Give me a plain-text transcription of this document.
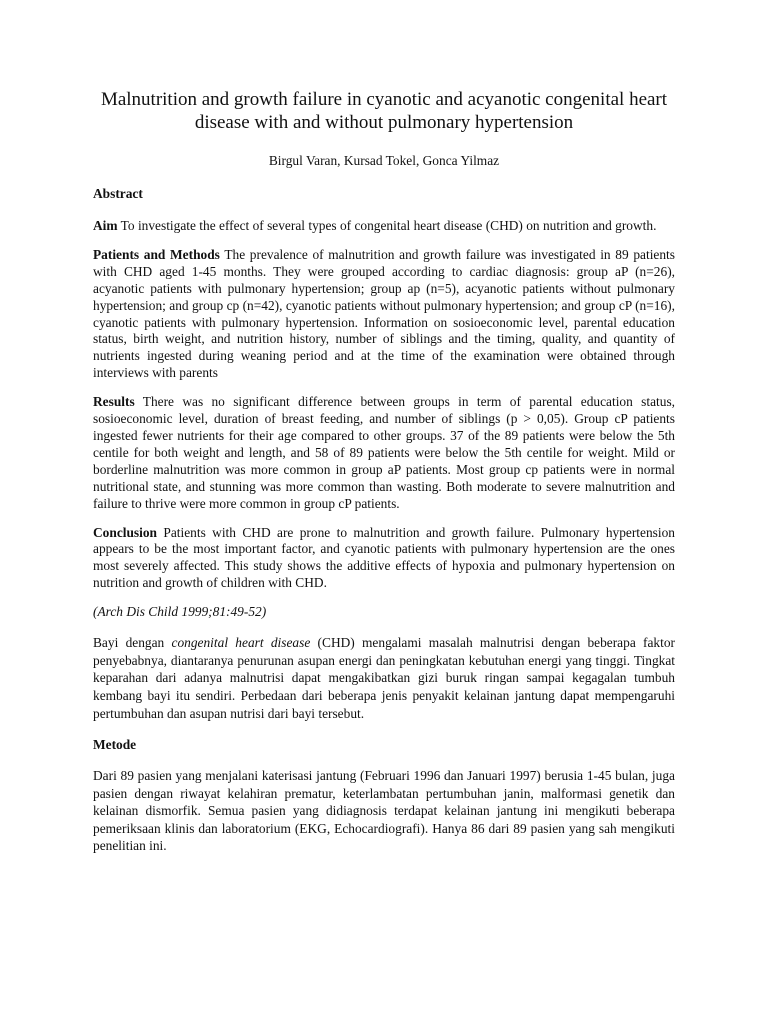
Malnutrition and growth failure in cyanotic and acyanotic congenital heart disease with and without pulmonary hypertension

Birgul Varan, Kursad Tokel, Gonca Yilmaz

Abstract

Aim To investigate the effect of several types of congenital heart disease (CHD) on nutrition and growth.

Patients and Methods The prevalence of malnutrition and growth failure was investigated in 89 patients with CHD aged 1-45 months. They were grouped according to cardiac diagnosis: group aP (n=26), acyanotic patients with pulmonary hypertension; group ap (n=5), acyanotic patients without pulmonary hypertension; and group cp (n=42), cyanotic patients without pulmonary hypertension; and group cP (n=16), cyanotic patients with pulmonary hypertension. Information on sosioeconomic level, parental education status, birth weight, and nutrition history, number of siblings and the timing, quality, and quantity of nutrients ingested during weaning period and at the time of the examination were obtained through interviews with parents

Results There was no significant difference between groups in term of parental education status, sosioeconomic level, duration of breast feeding, and number of siblings (p > 0,05). Group cP patients ingested fewer nutrients for their age compared to other groups. 37 of the 89 patients were below the 5th centile for both weight and length, and 58 of 89 patients were below the 5th centile for weight. Mild or borderline malnutrition was more common in group aP patients. Most group cp patients were in normal nutritional state, and stunning was more common than wasting. Both moderate to severe malnutrition and failure to thrive were more common in group cP patients.

Conclusion Patients with CHD are prone to malnutrition and growth failure. Pulmonary hypertension appears to be the most important factor, and cyanotic patients with pulmonary hypertension are the ones most severely affected. This study shows the additive effects of hypoxia and pulmonary hypertension on nutrition and growth of children with CHD.

(Arch Dis Child 1999;81:49-52)

Bayi dengan congenital heart disease (CHD) mengalami masalah malnutrisi dengan beberapa faktor penyebabnya, diantaranya penurunan asupan energi dan peningkatan kebutuhan energi yang tinggi. Tingkat keparahan dari adanya malnutrisi dapat mengakibatkan gizi buruk ringan sampai kegagalan tumbuh kembang bayi itu sendiri. Perbedaan dari beberapa jenis penyakit kelainan jantung dapat mempengaruhi pertumbuhan dan asupan nutrisi dari bayi tersebut.

Metode

Dari 89 pasien yang menjalani katerisasi jantung (Februari 1996 dan Januari 1997) berusia 1-45 bulan, juga pasien dengan riwayat kelahiran prematur, keterlambatan pertumbuhan janin, malformasi genetik dan kelainan dismorfik. Semua pasien yang didiagnosis terdapat kelainan jantung ini mengikuti beberapa pemeriksaan klinis dan laboratorium (EKG, Echocardiografi). Hanya 86 dari 89 pasien yang sah mengikuti penelitian ini.
